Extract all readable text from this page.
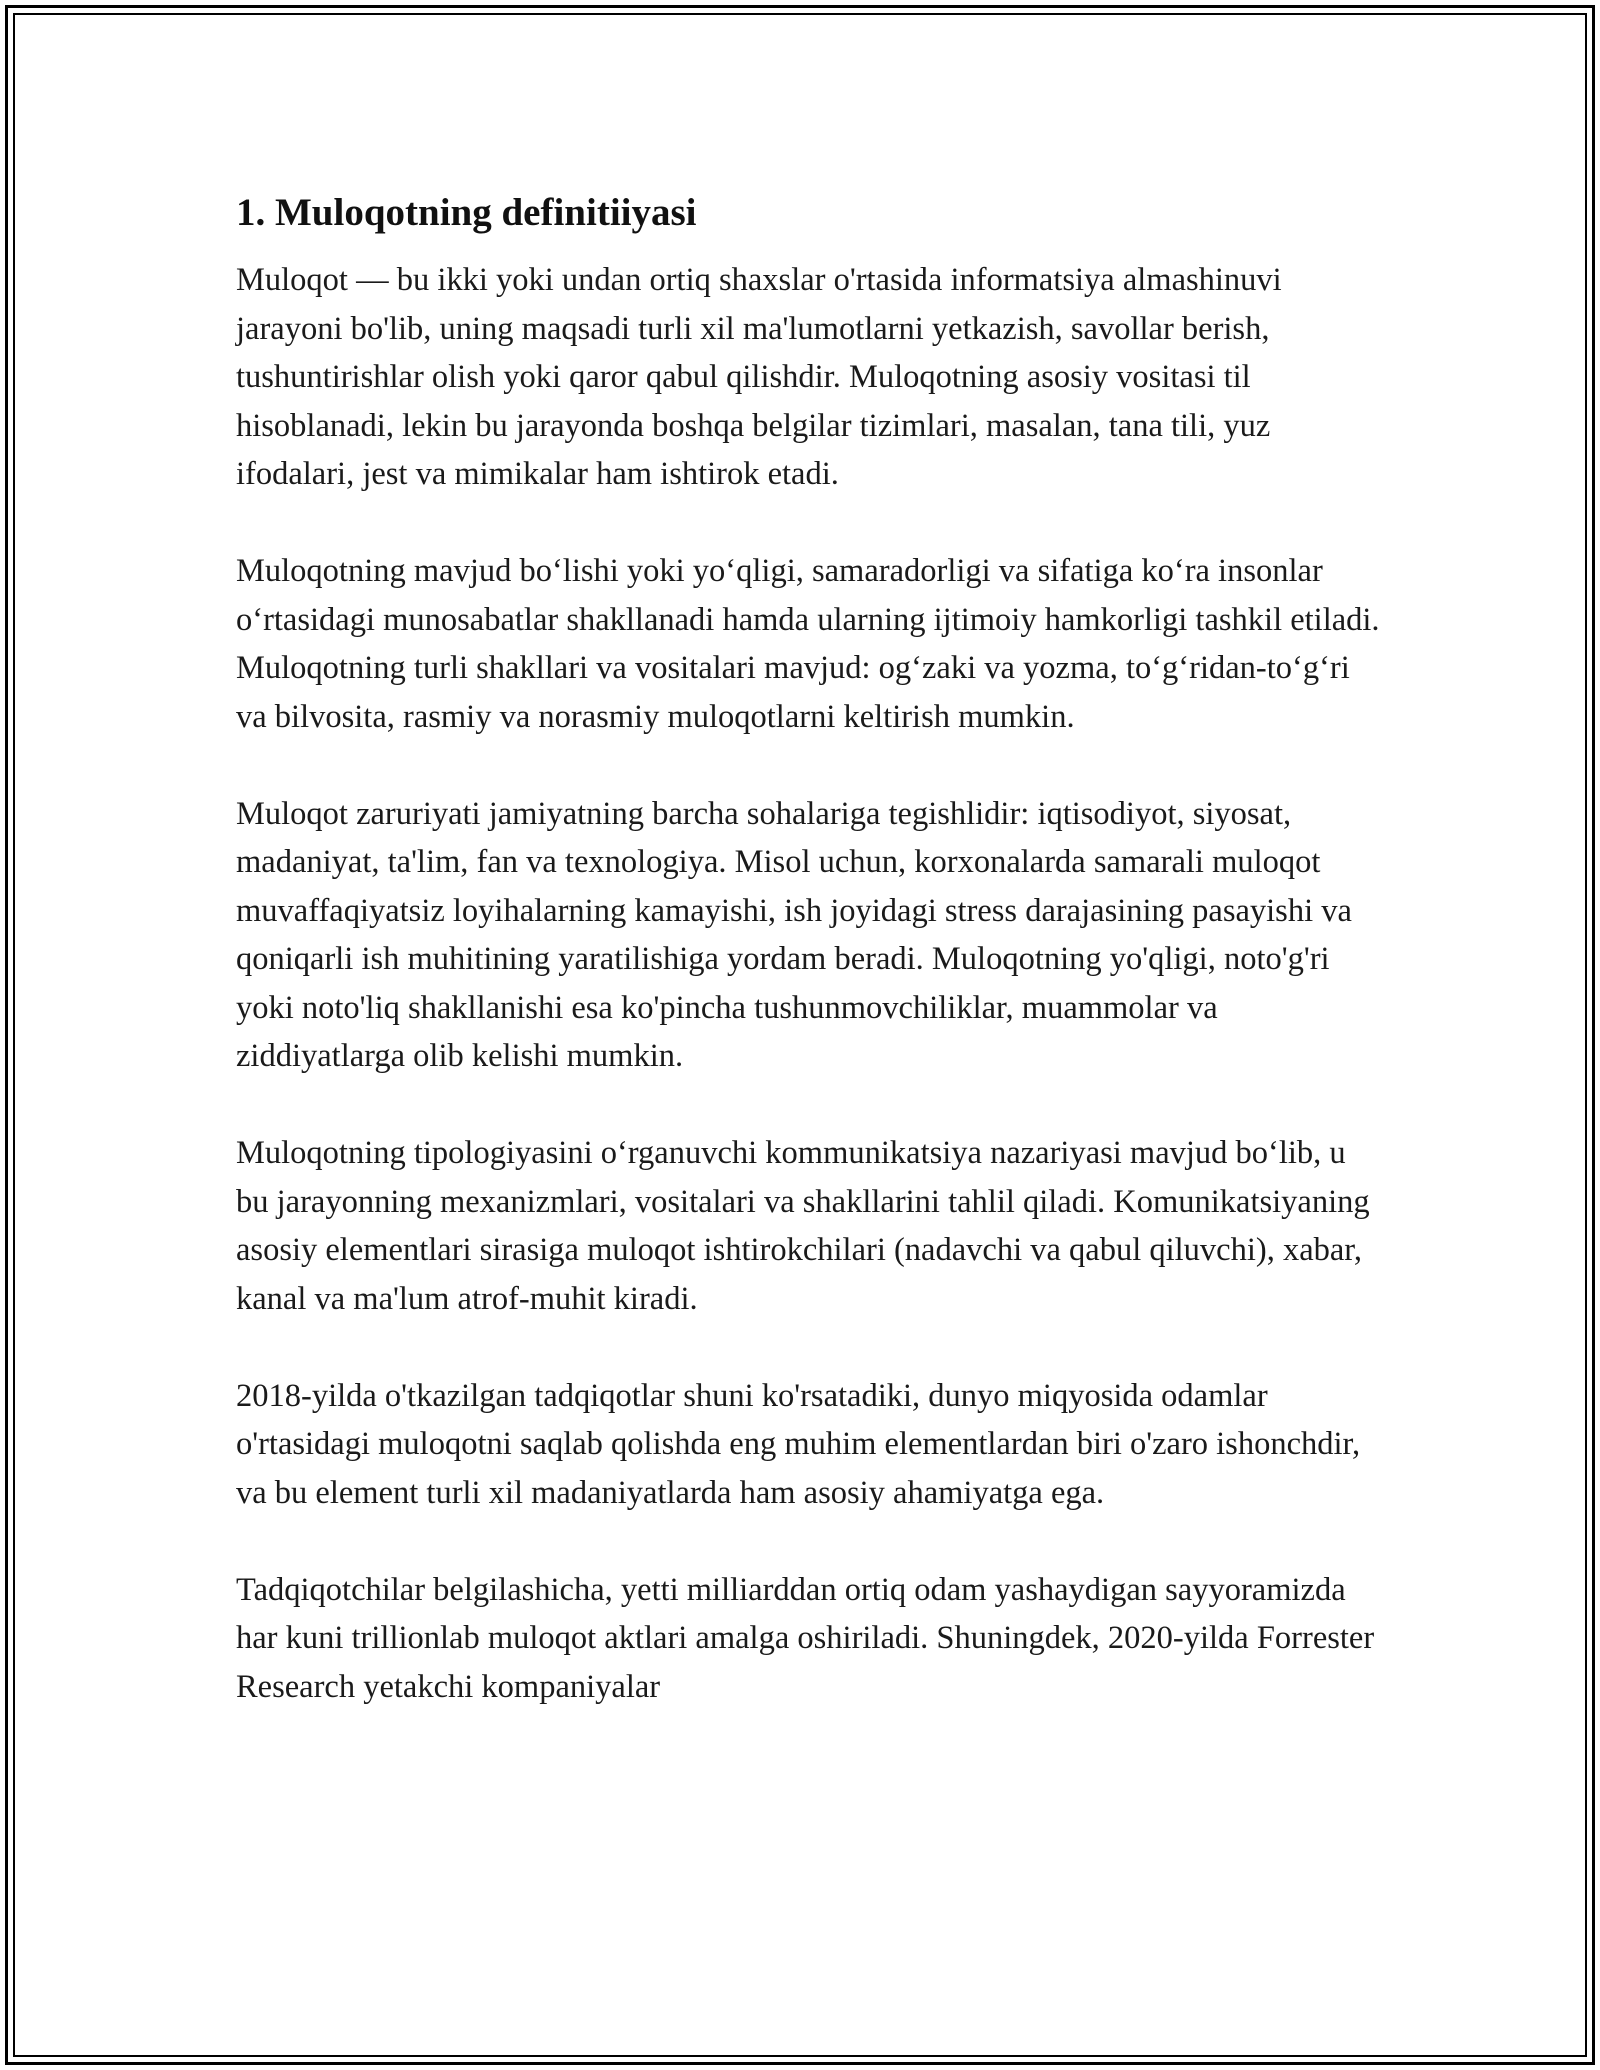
1. Muloqotning definitiiyasi

Muloqot — bu ikki yoki undan ortiq shaxslar o'rtasida informatsiya almashinuvi jarayoni bo'lib, uning maqsadi turli xil ma'lumotlarni yetkazish, savollar berish, tushuntirishlar olish yoki qaror qabul qilishdir. Muloqotning asosiy vositasi til hisoblanadi, lekin bu jarayonda boshqa belgilar tizimlari, masalan, tana tili, yuz ifodalari, jest va mimikalar ham ishtirok etadi.

Muloqotning mavjud bo‘lishi yoki yo‘qligi, samaradorligi va sifatiga ko‘ra insonlar o‘rtasidagi munosabatlar shakllanadi hamda ularning ijtimoiy hamkorligi tashkil etiladi. Muloqotning turli shakllari va vositalari mavjud: og‘zaki va yozma, to‘g‘ridan-to‘g‘ri va bilvosita, rasmiy va norasmiy muloqotlarni keltirish mumkin.

Muloqot zaruriyati jamiyatning barcha sohalariga tegishlidir: iqtisodiyot, siyosat, madaniyat, ta'lim, fan va texnologiya. Misol uchun, korxonalarda samarali muloqot muvaffaqiyatsiz loyihalarning kamayishi, ish joyidagi stress darajasining pasayishi va qoniqarli ish muhitining yaratilishiga yordam beradi. Muloqotning yo'qligi, noto'g'ri yoki noto'liq shakllanishi esa ko'pincha tushunmovchiliklar, muammolar va ziddiyatlarga olib kelishi mumkin.

Muloqotning tipologiyasini o‘rganuvchi kommunikatsiya nazariyasi mavjud bo‘lib, u bu jarayonning mexanizmlari, vositalari va shakllarini tahlil qiladi. Komunikatsiyaning asosiy elementlari sirasiga muloqot ishtirokchilari (nadavchi va qabul qiluvchi), xabar, kanal va ma'lum atrof-muhit kiradi.

2018-yilda o'tkazilgan tadqiqotlar shuni ko'rsatadiki, dunyo miqyosida odamlar o'rtasidagi muloqotni saqlab qolishda eng muhim elementlardan biri o'zaro ishonchdir, va bu element turli xil madaniyatlarda ham asosiy ahamiyatga ega.

Tadqiqotchilar belgilashicha, yetti milliarddan ortiq odam yashaydigan sayyoramizda har kuni trillionlab muloqot aktlari amalga oshiriladi. Shuningdek, 2020-yilda Forrester Research yetakchi kompaniyalar
